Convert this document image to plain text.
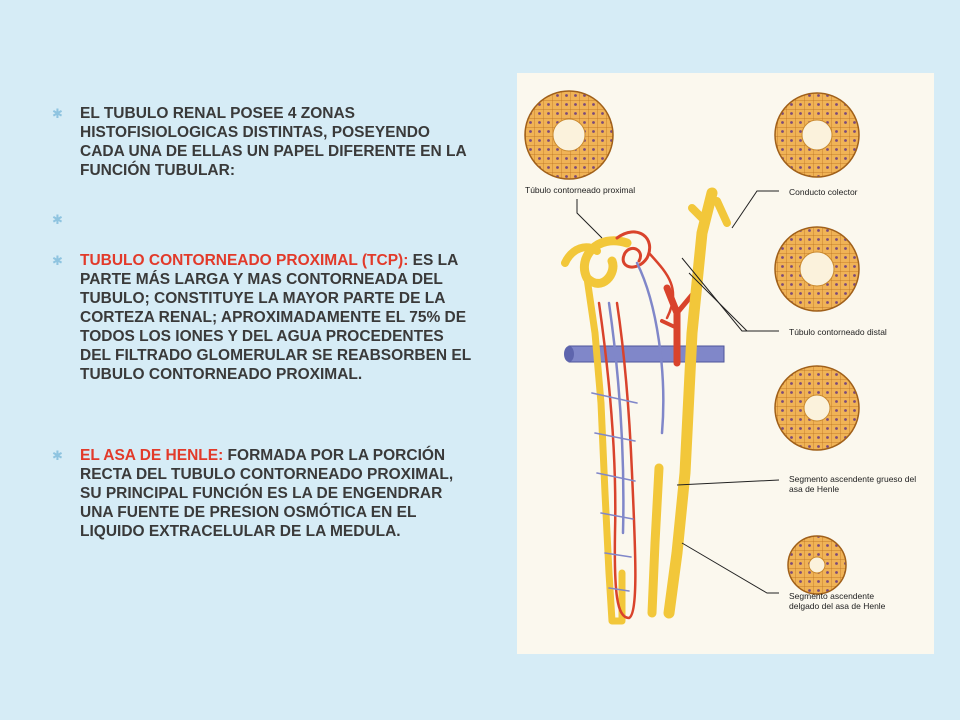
✱ EL TUBULO RENAL POSEE 4 ZONAS HISTOFISIOLOGICAS DISTINTAS, POSEYENDO CADA UNA DE ELLAS UN PAPEL DIFERENTE EN LA FUNCIÓN TUBULAR:

✱

✱ TUBULO CONTORNEADO PROXIMAL (TCP): ES LA PARTE MÁS LARGA Y MAS CONTORNEADA DEL TUBULO; CONSTITUYE LA MAYOR PARTE DE LA CORTEZA RENAL; APROXIMADAMENTE EL 75% DE TODOS LOS IONES Y DEL AGUA PROCEDENTES DEL FILTRADO GLOMERULAR SE REABSORBEN EL TUBULO CONTORNEADO PROXIMAL.

✱ EL ASA DE HENLE: FORMADA POR LA PORCIÓN RECTA DEL TUBULO CONTORNEADO PROXIMAL, SU PRINCIPAL FUNCIÓN ES LA DE ENGENDRAR UNA FUENTE DE PRESION OSMÓTICA EN EL LIQUIDO EXTRACELULAR DE LA MEDULA.

Túbulo contorneado proximal	Conducto colector
Túbulo contorneado distal
Segmento ascendente grueso del
asa de Henle
Segmento ascendente
delgado del asa de Henle
